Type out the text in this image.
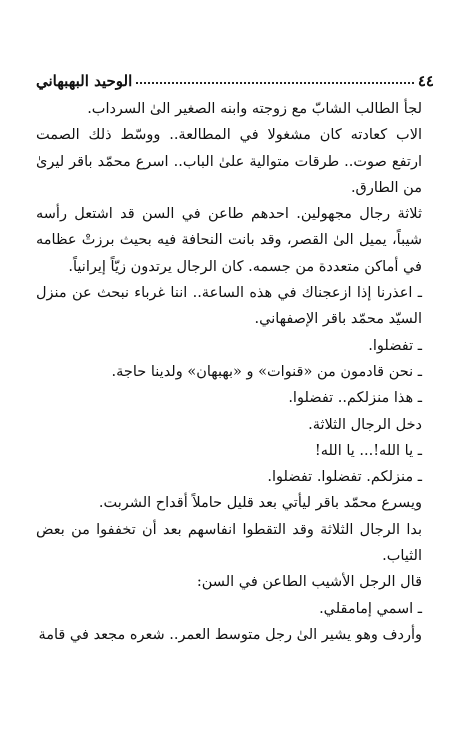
٤٤
الوحيد البهبهاني

لجأ الطالب الشابّ مع زوجته وابنه الصغير الىٰ السرداب.

الاب كعادته كان مشغولا في المطالعة.. ووسّط ذلك الصمت ارتفع صوت.. طرقات متوالية علىٰ الباب.. اسرع محمّد باقر ليرىٰ من الطارق.

ثلاثة رجال مجهولين. احدهم طاعن في السن قد اشتعل رأسه شيباً، يميل الىٰ القصر، وقد بانت النحافة فيه بحيث برزتْ عظامه في أماكن متعددة من جسمه. كان الرجال يرتدون زيّاً إيرانياً.

ـ اعذرنا إذا ازعجناك في هذه الساعة.. اننا غرباء نبحث عن منزل السيّد محمّد باقر الإصفهاني.

ـ تفضلوا.

ـ نحن قادمون من «قنوات» و «بهبهان» ولدينا حاجة.

ـ هذا منزلكم.. تفضلوا.

دخل الرجال الثلاثة.

ـ يا الله!... يا الله!

ـ منزلكم. تفضلوا. تفضلوا.

ويسرع محمّد باقر ليأتي بعد قليل حاملاً أقداح الشربت.

بدا الرجال الثلاثة وقد التقطوا انفاسهم بعد أن تخففوا من بعض الثياب.

قال الرجل الأشيب الطاعن في السن:

ـ اسمي إمامقلي.

وأردف وهو يشير الىٰ رجل متوسط العمر.. شعره مجعد في قامة
